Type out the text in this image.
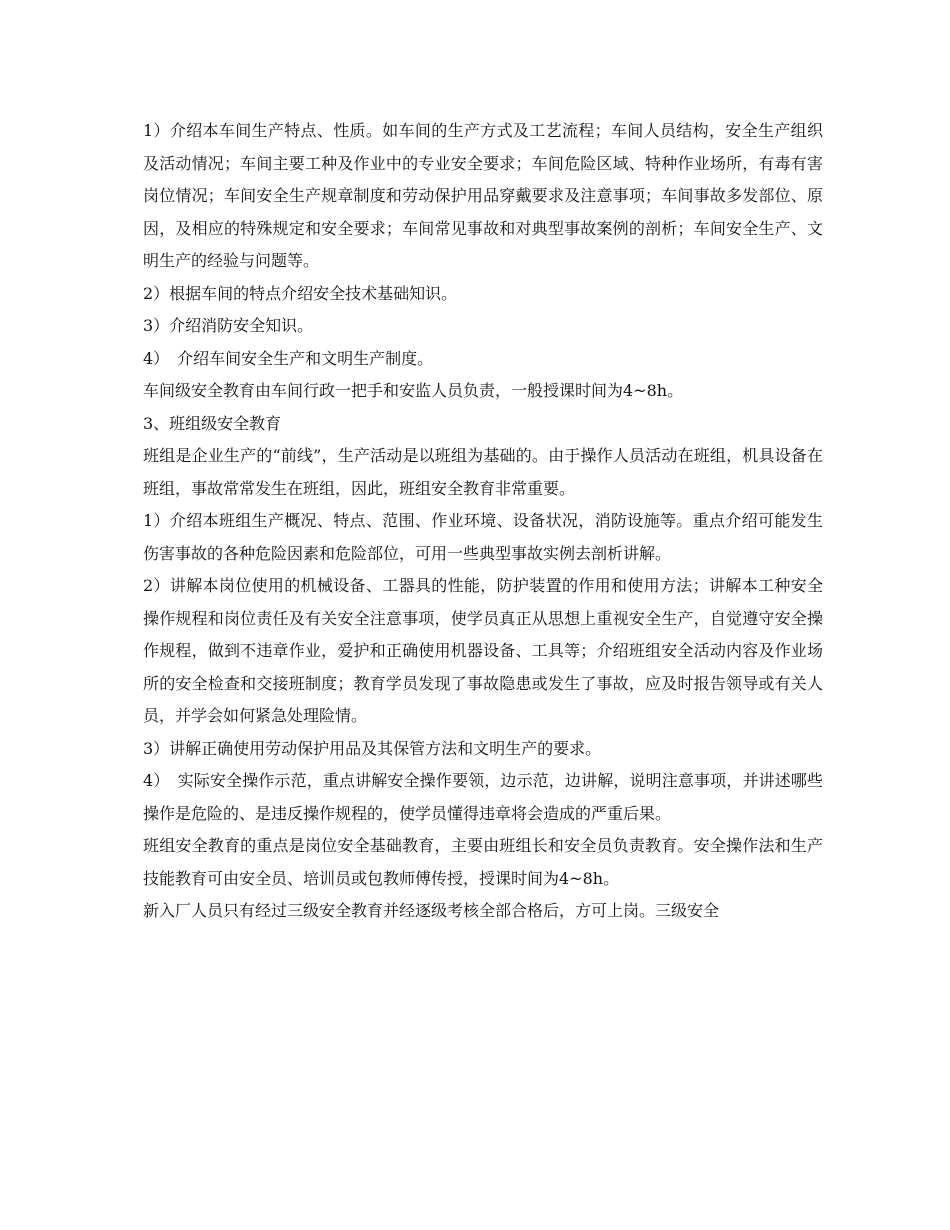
1）介绍本车间生产特点、性质。如车间的生产方式及工艺流程；车间人员结构，安全生产组织及活动情况；车间主要工种及作业中的专业安全要求；车间危险区域、特种作业场所，有毒有害岗位情况；车间安全生产规章制度和劳动保护用品穿戴要求及注意事项；车间事故多发部位、原因，及相应的特殊规定和安全要求；车间常见事故和对典型事故案例的剖析；车间安全生产、文明生产的经验与问题等。

2）根据车间的特点介绍安全技术基础知识。

3）介绍消防安全知识。

4）　介绍车间安全生产和文明生产制度。

车间级安全教育由车间行政一把手和安监人员负责，一般授课时间为4~8h。

3、班组级安全教育

班组是企业生产的“前线”，生产活动是以班组为基础的。由于操作人员活动在班组，机具设备在班组，事故常常发生在班组，因此，班组安全教育非常重要。

1）介绍本班组生产概况、特点、范围、作业环境、设备状况，消防设施等。重点介绍可能发生伤害事故的各种危险因素和危险部位，可用一些典型事故实例去剖析讲解。

2）讲解本岗位使用的机械设备、工器具的性能，防护装置的作用和使用方法；讲解本工种安全操作规程和岗位责任及有关安全注意事项，使学员真正从思想上重视安全生产，自觉遵守安全操作规程，做到不违章作业，爱护和正确使用机器设备、工具等；介绍班组安全活动内容及作业场所的安全检查和交接班制度；教育学员发现了事故隐患或发生了事故，应及时报告领导或有关人员，并学会如何紧急处理险情。

3）讲解正确使用劳动保护用品及其保管方法和文明生产的要求。

4）　实际安全操作示范，重点讲解安全操作要领，边示范，边讲解，说明注意事项，并讲述哪些操作是危险的、是违反操作规程的，使学员懂得违章将会造成的严重后果。

班组安全教育的重点是岗位安全基础教育，主要由班组长和安全员负责教育。安全操作法和生产技能教育可由安全员、培训员或包教师傅传授，授课时间为4~8h。

新入厂人员只有经过三级安全教育并经逐级考核全部合格后，方可上岗。三级安全
